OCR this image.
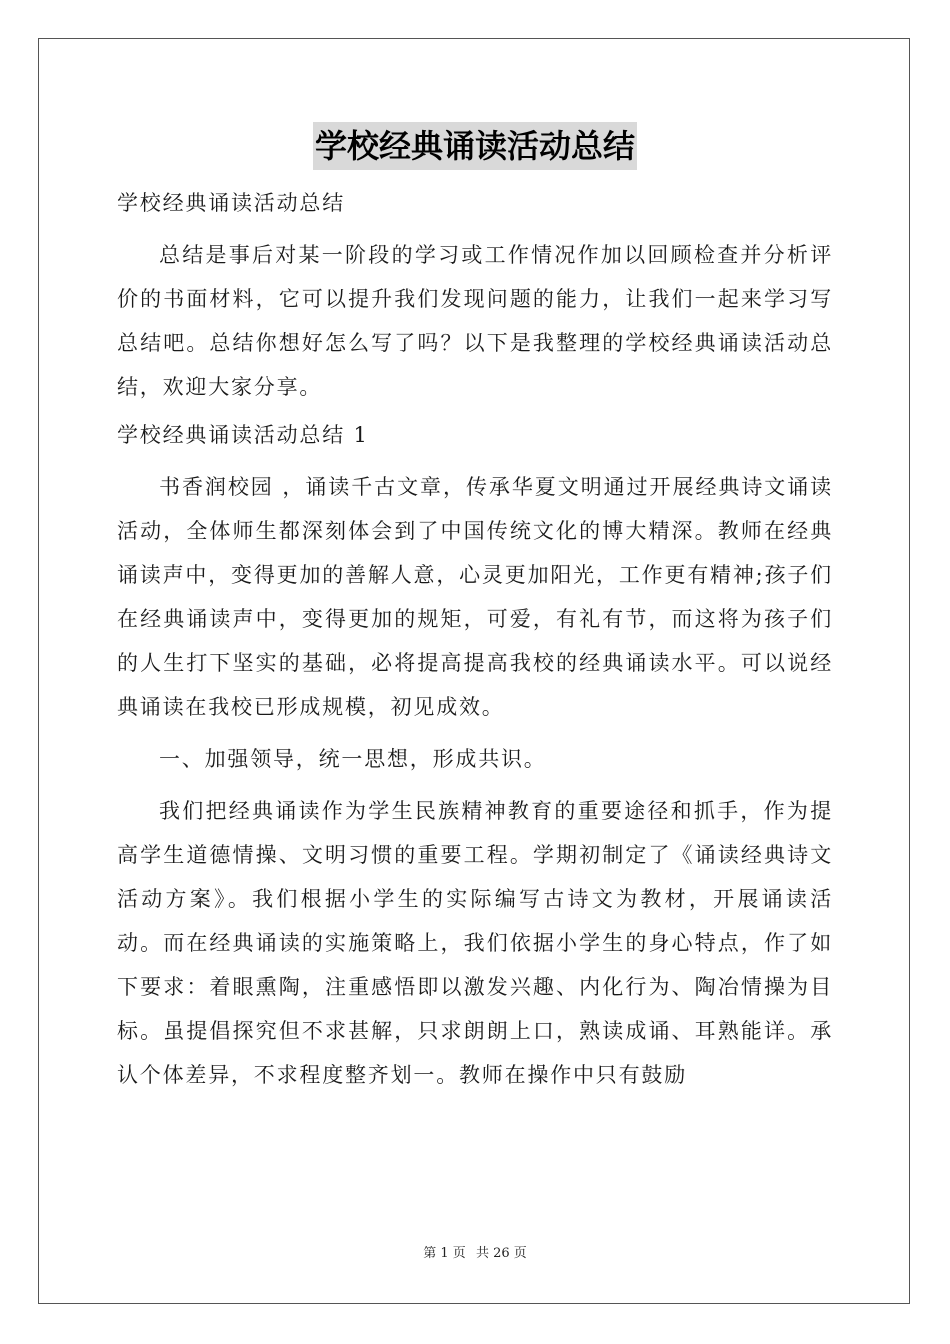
学校经典诵读活动总结

学校经典诵读活动总结

总结是事后对某一阶段的学习或工作情况作加以回顾检查并分析评价的书面材料，它可以提升我们发现问题的能力，让我们一起来学习写总结吧。总结你想好怎么写了吗？以下是我整理的学校经典诵读活动总结，欢迎大家分享。

学校经典诵读活动总结 1

书香润校园 ，诵读千古文章，传承华夏文明通过开展经典诗文诵读活动，全体师生都深刻体会到了中国传统文化的博大精深。教师在经典诵读声中，变得更加的善解人意，心灵更加阳光，工作更有精神;孩子们在经典诵读声中，变得更加的规矩，可爱，有礼有节，而这将为孩子们的人生打下坚实的基础，必将提高提高我校的经典诵读水平。可以说经典诵读在我校已形成规模，初见成效。

一、加强领导，统一思想，形成共识。

我们把经典诵读作为学生民族精神教育的重要途径和抓手，作为提高学生道德情操、文明习惯的重要工程。学期初制定了《诵读经典诗文活动方案》。我们根据小学生的实际编写古诗文为教材，开展诵读活动。而在经典诵读的实施策略上，我们依据小学生的身心特点，作了如下要求：着眼熏陶，注重感悟即以激发兴趣、内化行为、陶冶情操为目标。虽提倡探究但不求甚解，只求朗朗上口，熟读成诵、耳熟能详。承认个体差异，不求程度整齐划一。教师在操作中只有鼓励

第 1 页 共 26 页
